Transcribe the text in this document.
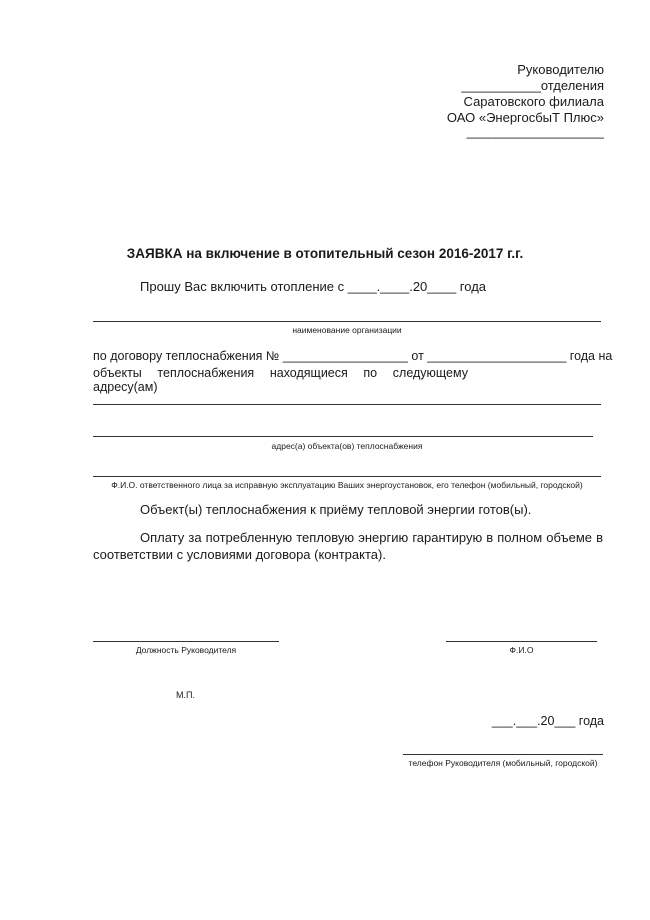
Руководителю
___________отделения
Саратовского филиала
ОАО «ЭнергосбыТ Плюс»
___________________
ЗАЯВКА на включение в отопительный сезон 2016-2017 г.г.
Прошу Вас включить отопление с ____.____.20____ года
наименование организации
по договору теплоснабжения № __________________ от ____________________ года на
объекты теплоснабжения находящиеся по следующему адресу(ам)
адрес(а) объекта(ов) теплоснабжения
Ф.И.О. ответственного лица за исправную эксплуатацию Ваших энергоустановок, его телефон (мобильный, городской)
Объект(ы) теплоснабжения к приёму тепловой энергии готов(ы).
Оплату за потребленную тепловую энергию гарантирую в полном объеме в
соответствии с условиями договора (контракта).
Должность Руководителя	Ф.И.О
М.П.
___.___.20___ года
телефон Руководителя (мобильный, городской)
